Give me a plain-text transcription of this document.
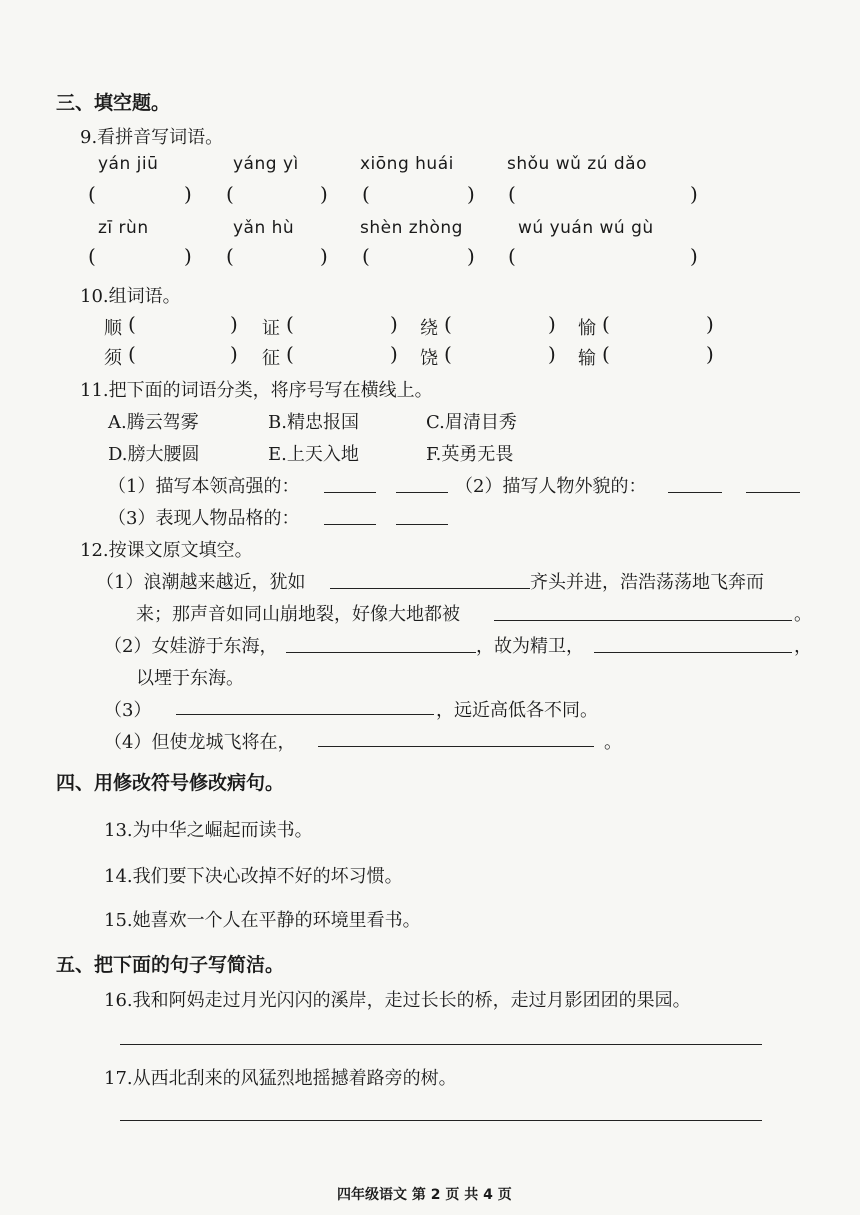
三、填空题。
9.看拼音写词语。
yán jiū	yáng yì	xiōng huái	shǒu wǔ zú dǎo
(	) (	) (	) (	)
zī rùn	yǎn hù	shèn zhòng	wú yuán wú gù
(	) (	) (	) (	)
10.组词语。
顺 (	) 证 (	) 绕 (	) 愉 (	)
须 (	) 征 (	) 饶 (	) 输 (	)
11.把下面的词语分类，将序号写在横线上。
A.腾云驾雾	B.精忠报国	C.眉清目秀
D.膀大腰圆	E.上天入地	F.英勇无畏
（1）描写本领高强的：	（2）描写人物外貌的：
（3）表现人物品格的：
12.按课文原文填空。
（1）浪潮越来越近，犹如	齐头并进，浩浩荡荡地飞奔而
来；那声音如同山崩地裂，好像大地都被	。
（2）女娃游于东海，	，故为精卫，	，
以堙于东海。
（3）	，远近高低各不同。
（4）但使龙城飞将在，	。
四、用修改符号修改病句。
13.为中华之崛起而读书。
14.我们要下决心改掉不好的坏习惯。
15.她喜欢一个人在平静的环境里看书。
五、把下面的句子写简洁。
16.我和阿妈走过月光闪闪的溪岸，走过长长的桥，走过月影团团的果园。
17.从西北刮来的风猛烈地摇撼着路旁的树。
四年级语文 第 2 页 共 4 页
